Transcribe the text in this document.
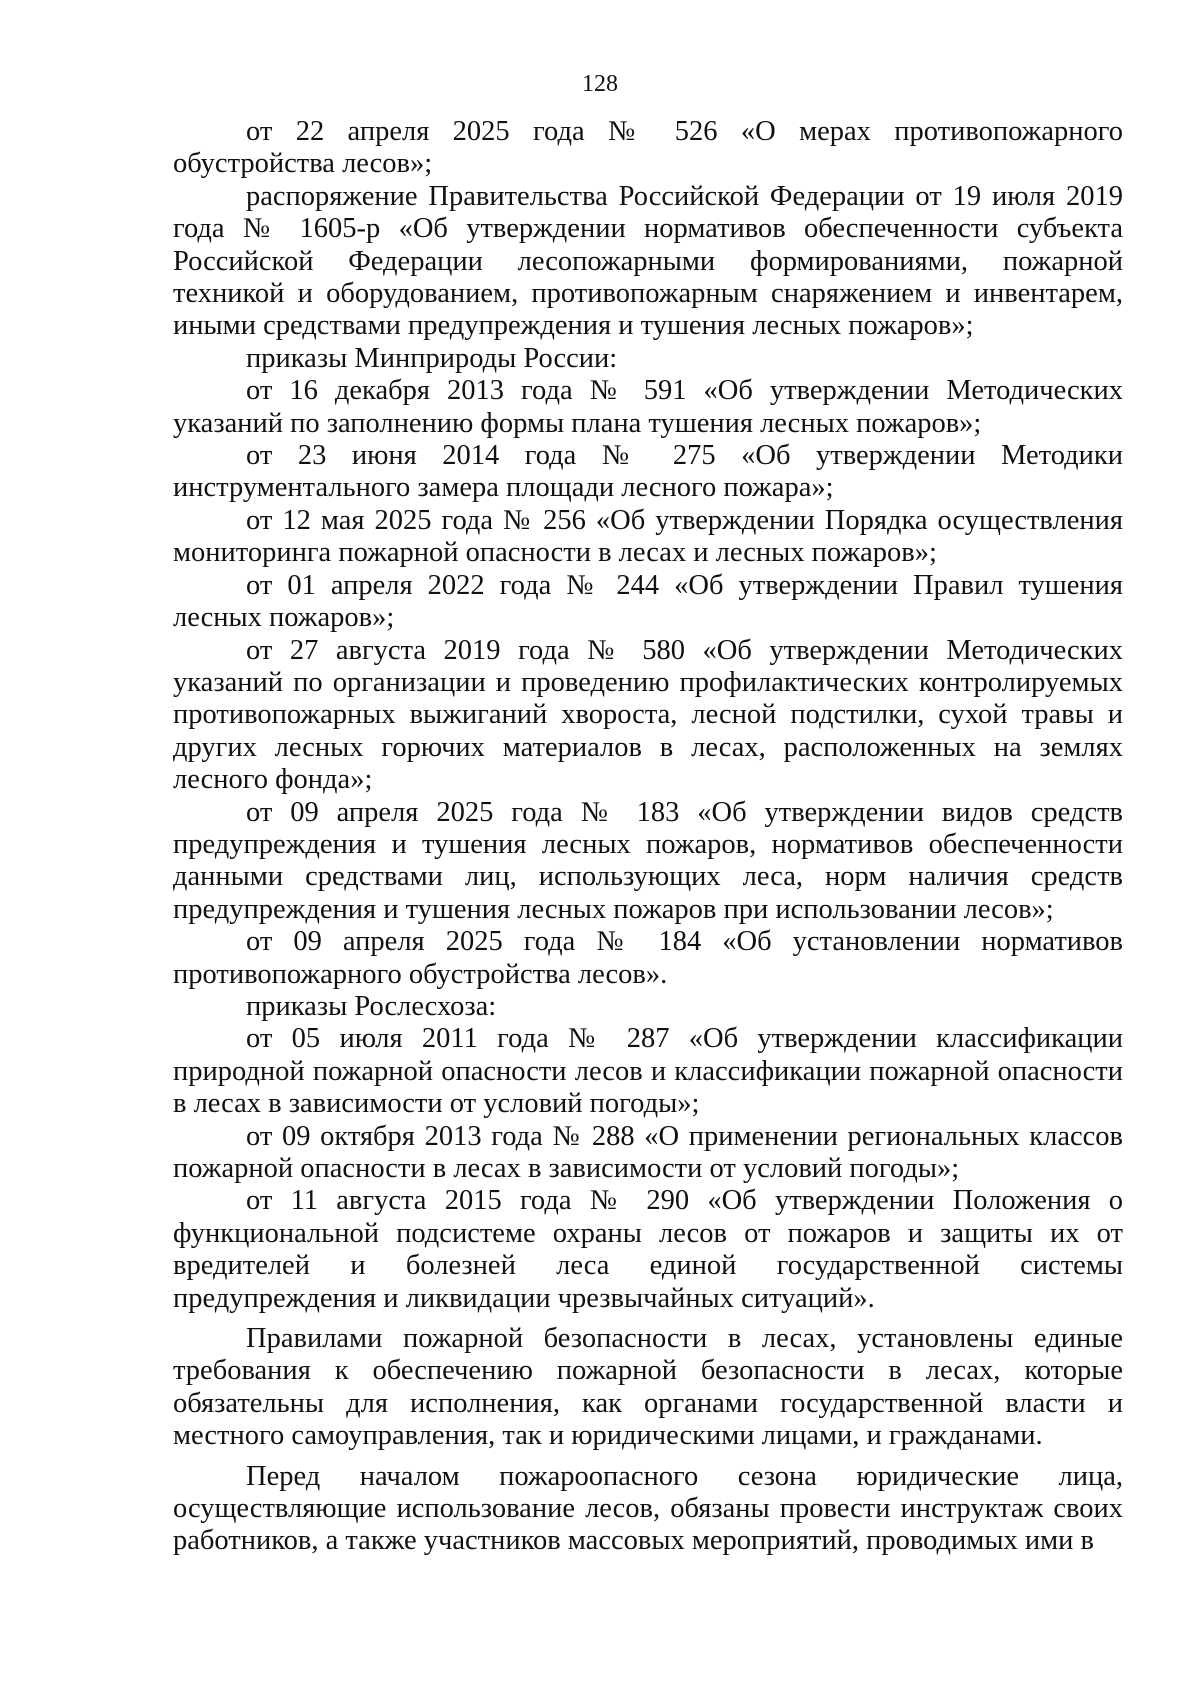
128

от 22 апреля 2025 года № 526 «О мерах противопожарного обустройства лесов»;

распоряжение Правительства Российской Федерации от 19 июля 2019 года № 1605-р «Об утверждении нормативов обеспеченности субъекта Российской Федерации лесопожарными формированиями, пожарной техникой и оборудованием, противопожарным снаряжением и инвентарем, иными средствами предупреждения и тушения лесных пожаров»;

приказы Минприроды России:

от 16 декабря 2013 года № 591 «Об утверждении Методических указаний по заполнению формы плана тушения лесных пожаров»;

от 23 июня 2014 года № 275 «Об утверждении Методики инструментального замера площади лесного пожара»;

от 12 мая 2025 года № 256 «Об утверждении Порядка осуществления мониторинга пожарной опасности в лесах и лесных пожаров»;

от 01 апреля 2022 года № 244 «Об утверждении Правил тушения лесных пожаров»;

от 27 августа 2019 года № 580 «Об утверждении Методических указаний по организации и проведению профилактических контролируемых противопожарных выжиганий хвороста, лесной подстилки, сухой травы и других лесных горючих материалов в лесах, расположенных на землях лесного фонда»;

от 09 апреля 2025 года № 183 «Об утверждении видов средств предупреждения и тушения лесных пожаров, нормативов обеспеченности данными средствами лиц, использующих леса, норм наличия средств предупреждения и тушения лесных пожаров при использовании лесов»;

от 09 апреля 2025 года № 184 «Об установлении нормативов противопожарного обустройства лесов».

приказы Рослесхоза:

от 05 июля 2011 года № 287 «Об утверждении классификации природной пожарной опасности лесов и классификации пожарной опасности в лесах в зависимости от условий погоды»;

от 09 октября 2013 года № 288 «О применении региональных классов пожарной опасности в лесах в зависимости от условий погоды»;

от 11 августа 2015 года № 290 «Об утверждении Положения о функциональной подсистеме охраны лесов от пожаров и защиты их от вредителей и болезней леса единой государственной системы предупреждения и ликвидации чрезвычайных ситуаций».

Правилами пожарной безопасности в лесах, установлены единые требования к обеспечению пожарной безопасности в лесах, которые обязательны для исполнения, как органами государственной власти и местного самоуправления, так и юридическими лицами, и гражданами.

Перед началом пожароопасного сезона юридические лица, осуществляющие использование лесов, обязаны провести инструктаж своих работников, а также участников массовых мероприятий, проводимых ими в
